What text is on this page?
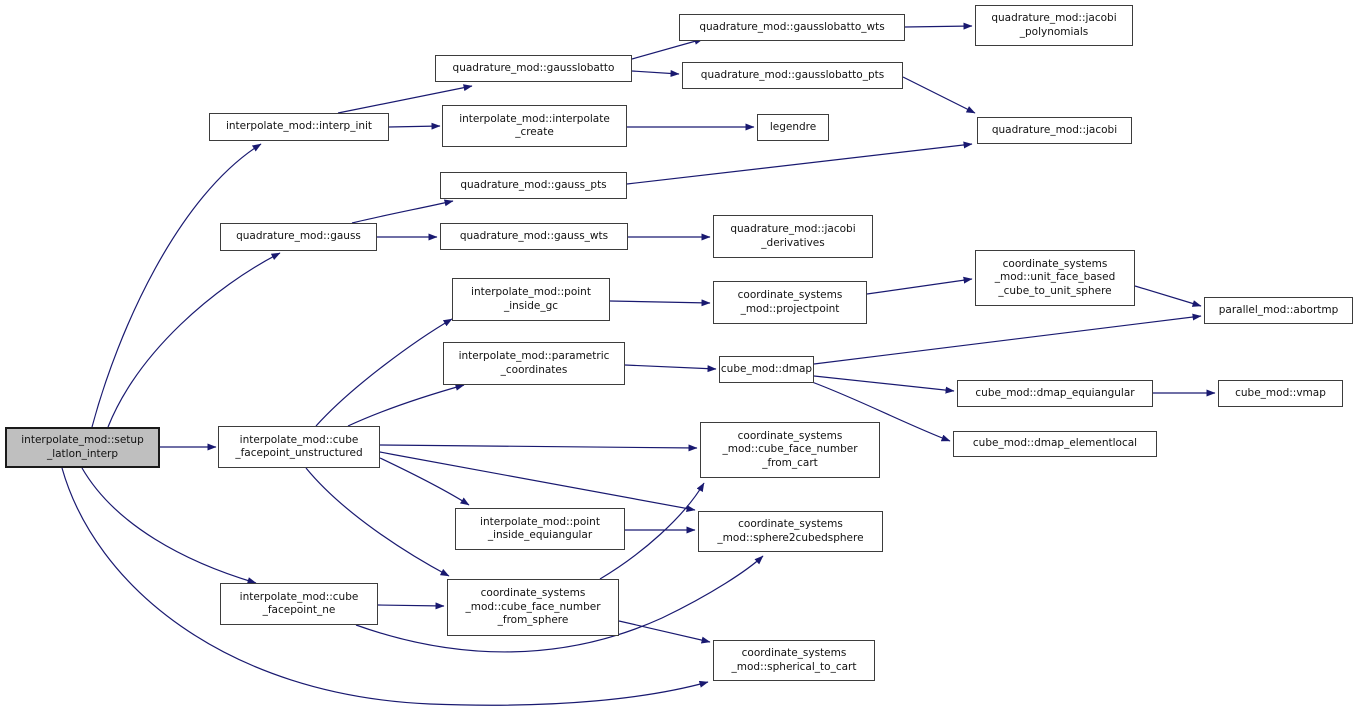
interpolate_mod::setup
_latlon_interp
interpolate_mod::interp_init
quadrature_mod::gauss
interpolate_mod::cube
_facepoint_unstructured
interpolate_mod::cube
_facepoint_ne
quadrature_mod::gausslobatto
interpolate_mod::interpolate
_create
quadrature_mod::gauss_pts
quadrature_mod::gauss_wts
interpolate_mod::point
_inside_gc
interpolate_mod::parametric
_coordinates
interpolate_mod::point
_inside_equiangular
coordinate_systems
_mod::cube_face_number
_from_sphere
quadrature_mod::gausslobatto_wts
quadrature_mod::gausslobatto_pts
legendre
quadrature_mod::jacobi
_derivatives
coordinate_systems
_mod::projectpoint
cube_mod::dmap
coordinate_systems
_mod::cube_face_number
_from_cart
coordinate_systems
_mod::sphere2cubedsphere
coordinate_systems
_mod::spherical_to_cart
quadrature_mod::jacobi
_polynomials
quadrature_mod::jacobi
coordinate_systems
_mod::unit_face_based
_cube_to_unit_sphere
cube_mod::dmap_equiangular
cube_mod::dmap_elementlocal
parallel_mod::abortmp
cube_mod::vmap
